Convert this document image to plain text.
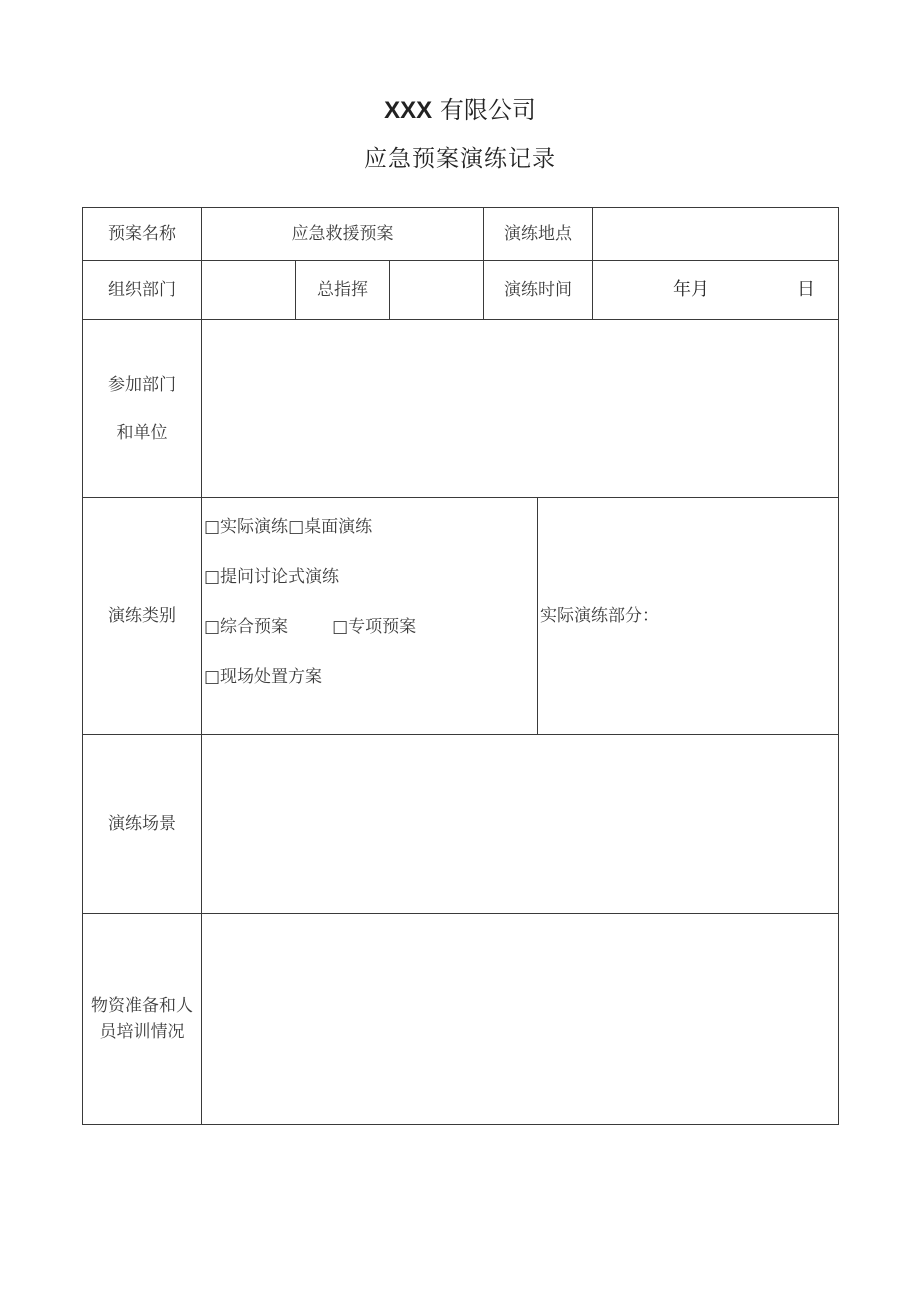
XXX 有限公司
应急预案演练记录
预案名称	应急救援预案			演练地点		
组织部门		总指挥		演练时间		年月 日

参加部门
和单位						

演练类别	□实际演练□桌面演练
□提问讨论式演练
□综合预案 □专项预案
□现场处置方案				实际演练部分：	
演练场景						
物资准备和人员培训情况						
